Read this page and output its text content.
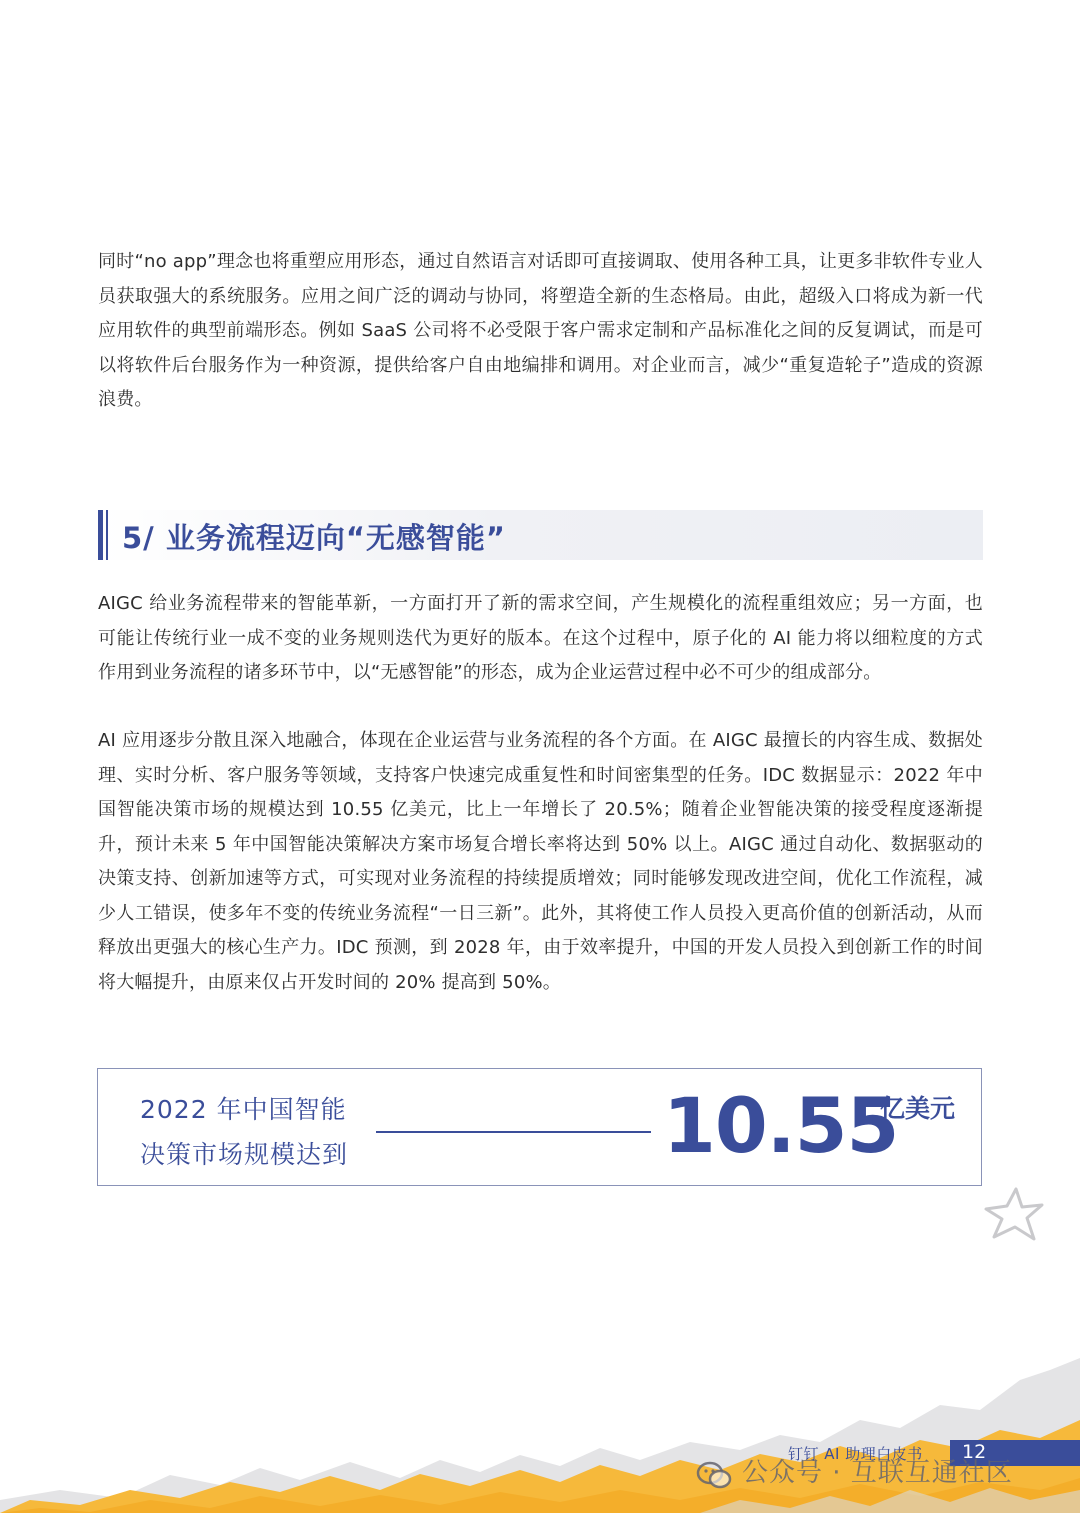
同时“no app”理念也将重塑应用形态，通过自然语言对话即可直接调取、使用各种工具，让更多非软件专业人员获取强大的系统服务。应用之间广泛的调动与协同，将塑造全新的生态格局。由此，超级入口将成为新一代应用软件的典型前端形态。例如 SaaS 公司将不必受限于客户需求定制和产品标准化之间的反复调试，而是可以将软件后台服务作为一种资源，提供给客户自由地编排和调用。对企业而言，减少“重复造轮子”造成的资源浪费。

5/ 业务流程迈向“无感智能”

AIGC 给业务流程带来的智能革新，一方面打开了新的需求空间，产生规模化的流程重组效应；另一方面，也可能让传统行业一成不变的业务规则迭代为更好的版本。在这个过程中，原子化的 AI 能力将以细粒度的方式作用到业务流程的诸多环节中，以“无感智能”的形态，成为企业运营过程中必不可少的组成部分。

AI 应用逐步分散且深入地融合，体现在企业运营与业务流程的各个方面。在 AIGC 最擅长的内容生成、数据处理、实时分析、客户服务等领域，支持客户快速完成重复性和时间密集型的任务。IDC 数据显示：2022 年中国智能决策市场的规模达到 10.55 亿美元，比上一年增长了 20.5%；随着企业智能决策的接受程度逐渐提升，预计未来 5 年中国智能决策解决方案市场复合增长率将达到 50% 以上。AIGC 通过自动化、数据驱动的决策支持、创新加速等方式，可实现对业务流程的持续提质增效；同时能够发现改进空间，优化工作流程，减少人工错误，使多年不变的传统业务流程“一日三新”。此外，其将使工作人员投入更高价值的创新活动，从而释放出更强大的核心生产力。IDC 预测，到 2028 年，由于效率提升，中国的开发人员投入到创新工作的时间将大幅提升，由原来仅占开发时间的 20% 提高到 50%。

2022 年中国智能
决策市场规模达到	10.55
亿美元
钉钉 AI 助理白皮书 12
公众号 · 互联互通社区
